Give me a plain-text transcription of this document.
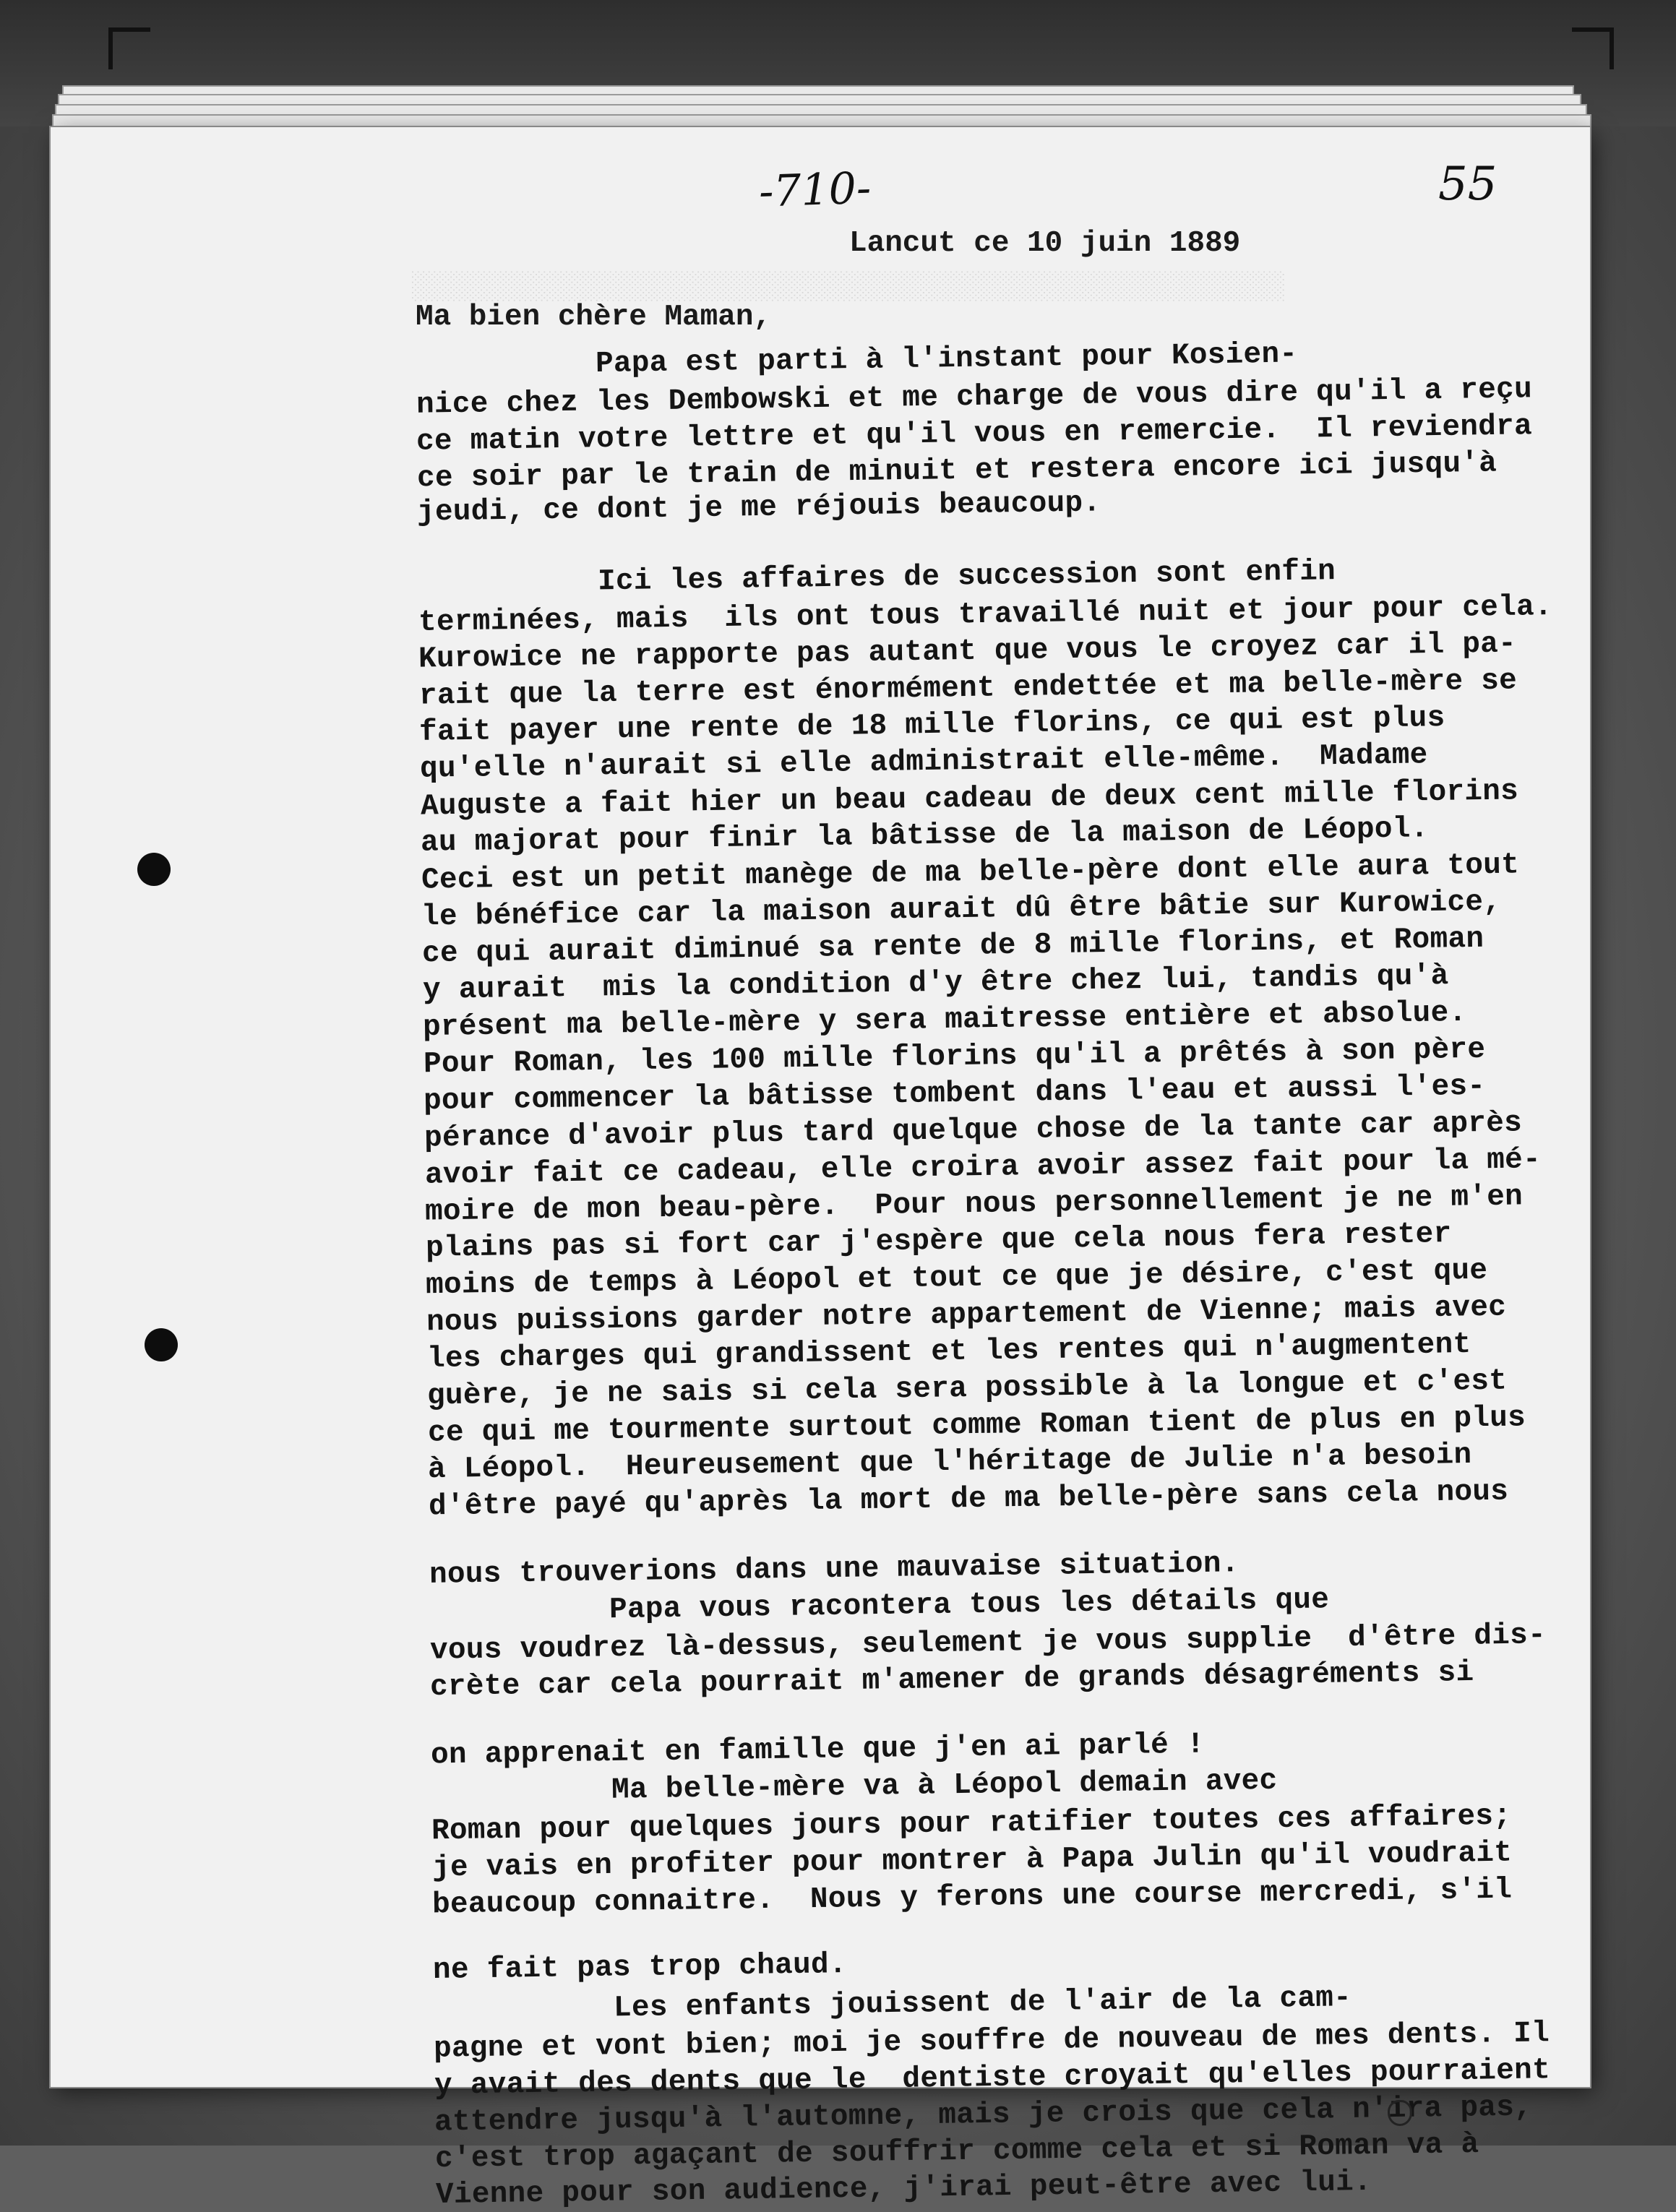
░░░░░░░░░░░░░░░░░░░░░░░░░░░░░░░░░░░░░░░░░░░░░░░░░░░░░
-710-	55
Lancut ce 10 juin 1889
Ma bien chère Maman,
Papa est parti à l'instant pour Kosien-
nice chez les Dembowski et me charge de vous dire qu'il a reçu
ce matin votre lettre et qu'il vous en remercie.  Il reviendra
ce soir par le train de minuit et restera encore ici jusqu'à
jeudi, ce dont je me réjouis beaucoup.
Ici les affaires de succession sont enfin
terminées, mais  ils ont tous travaillé nuit et jour pour cela.
Kurowice ne rapporte pas autant que vous le croyez car il pa-
rait que la terre est énormément endettée et ma belle-mère se
fait payer une rente de 18 mille florins, ce qui est plus
qu'elle n'aurait si elle administrait elle-même.  Madame
Auguste a fait hier un beau cadeau de deux cent mille florins
au majorat pour finir la bâtisse de la maison de Léopol.
Ceci est un petit manège de ma belle-père dont elle aura tout
le bénéfice car la maison aurait dû être bâtie sur Kurowice,
ce qui aurait diminué sa rente de 8 mille florins, et Roman
y aurait  mis la condition d'y être chez lui, tandis qu'à
présent ma belle-mère y sera maitresse entière et absolue.
Pour Roman, les 100 mille florins qu'il a prêtés à son père
pour commencer la bâtisse tombent dans l'eau et aussi l'es-
pérance d'avoir plus tard quelque chose de la tante car après
avoir fait ce cadeau, elle croira avoir assez fait pour la mé-
moire de mon beau-père.  Pour nous personnellement je ne m'en
plains pas si fort car j'espère que cela nous fera rester
moins de temps à Léopol et tout ce que je désire, c'est que
nous puissions garder notre appartement de Vienne; mais avec
les charges qui grandissent et les rentes qui n'augmentent
guère, je ne sais si cela sera possible à la longue et c'est
ce qui me tourmente surtout comme Roman tient de plus en plus
à Léopol.  Heureusement que l'héritage de Julie n'a besoin
d'être payé qu'après la mort de ma belle-père sans cela nous
nous trouverions dans une mauvaise situation.
Papa vous racontera tous les détails que
vous voudrez là-dessus, seulement je vous supplie  d'être dis-
crète car cela pourrait m'amener de grands désagréments si
on apprenait en famille que j'en ai parlé !
Ma belle-mère va à Léopol demain avec
Roman pour quelques jours pour ratifier toutes ces affaires;
je vais en profiter pour montrer à Papa Julin qu'il voudrait
beaucoup connaitre.  Nous y ferons une course mercredi, s'il
ne fait pas trop chaud.
Les enfants jouissent de l'air de la cam-
pagne et vont bien; moi je souffre de nouveau de mes dents. Il
y avait des dents que le  dentiste croyait qu'elles pourraient
attendre jusqu'à l'automne, mais je crois que cela n'ira pas,
c'est trop agaçant de souffrir comme cela et si Roman va à
Vienne pour son audience, j'irai peut-être avec lui.
